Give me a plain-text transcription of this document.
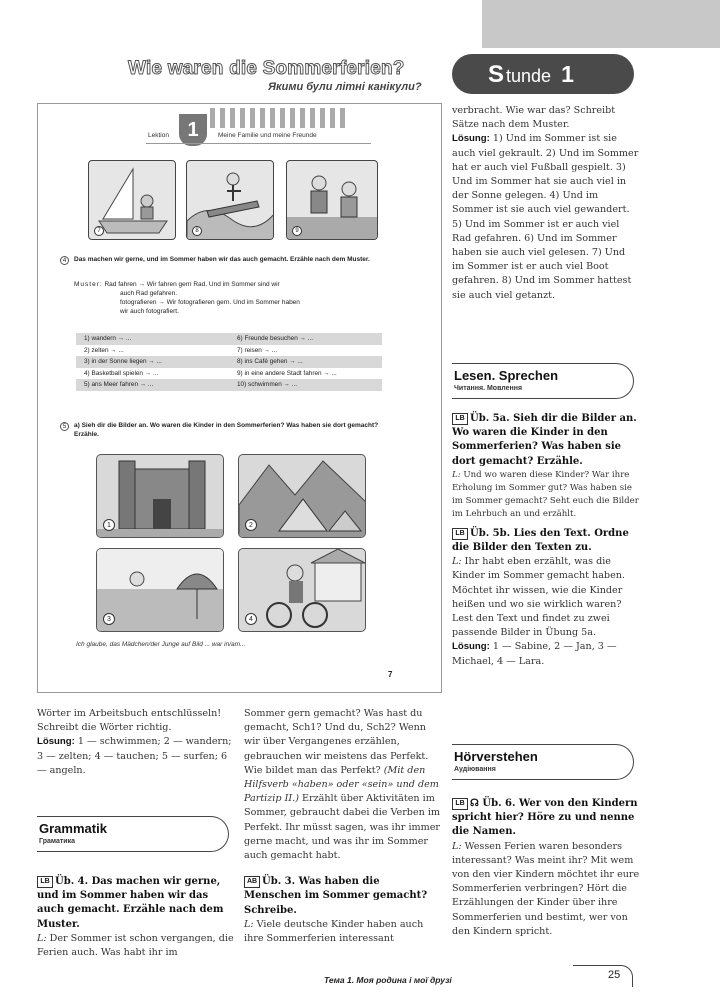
Wie waren die Sommerferien?
Якими були літні канікули?	S tunde 1
1
Lektion	Meine Familie und meine Freunde
7	8	9
4	Das machen wir gerne, und im Sommer haben wir das auch gemacht. Erzähle nach dem Muster.
Muster: Rad fahren → Wir fahren gern Rad. Und im Sommer sind wir
auch Rad gefahren.
fotografieren → Wir fotografieren gern. Und im Sommer haben
wir auch fotografiert.
1) wandern → ...	6) Freunde besuchen → ...
2) zelten → ...	7) reisen → ...
3) in der Sonne liegen → ...	8) ins Café gehen → ...
4) Basketball spielen → ...	9) in eine andere Stadt fahren → ...
5) ans Meer fahren → ...	10) schwimmen → ...
5	a) Sieh dir die Bilder an. Wo waren die Kinder in den Sommerferien? Was haben sie dort gemacht? Erzähle.
1	2
3	4
Ich glaube, das Mädchen/der Junge auf Bild ... war in/am...
7

verbracht. Wie war das? Schreibt Sätze nach dem Muster.

Lösung: 1) Und im Sommer ist sie auch viel gekrault. 2) Und im Sommer hat er auch viel Fußball gespielt. 3) Und im Sommer hat sie auch viel in der Sonne gelegen. 4) Und im Sommer ist sie auch viel gewandert. 5) Und im Sommer ist er auch viel Rad gefahren. 6) Und im Sommer haben sie auch viel gelesen. 7) Und im Sommer ist er auch viel Boot gefahren. 8) Und im Sommer hattest sie auch viel getanzt.

Lesen. Sprechen
Читання. Мовлення

LB Üb. 5a. Sieh dir die Bilder an. Wo waren die Kinder in den Sommerferien? Was haben sie dort gemacht? Erzähle.

L: Und wo waren diese Kinder? War ihre Erholung im Sommer gut? Was haben sie im Sommer gemacht? Seht euch die Bilder im Lehrbuch an und erzählt.

LB Üb. 5b. Lies den Text. Ordne die Bilder den Texten zu.

L: Ihr habt eben erzählt, was die Kinder im Sommer gemacht haben. Möchtet ihr wissen, wie die Kinder heißen und wo sie wirklich waren? Lest den Text und findet zu zwei passende Bilder in Übung 5a.

Lösung: 1 — Sabine, 2 — Jan, 3 — Michael, 4 — Lara.

Hörverstehen
Аудіювання

LB ☊ Üb. 6. Wer von den Kindern spricht hier? Höre zu und nenne die Namen.

L: Wessen Ferien waren besonders interessant? Was meint ihr? Mit wem von den vier Kindern möchtet ihr eure Sommerferien verbringen? Hört die Erzählungen der Kinder über ihre Sommerferien und bestimt, wer von den Kindern spricht.

Wörter im Arbeitsbuch entschlüsseln! Schreibt die Wörter richtig.

Lösung: 1 — schwimmen; 2 — wandern; 3 — zelten; 4 — tauchen; 5 — surfen; 6 — angeln.

Grammatik
Граматика

LB Üb. 4. Das machen wir gerne, und im Sommer haben wir das auch gemacht. Erzähle nach dem Muster.

L: Der Sommer ist schon vergangen, die Ferien auch. Was habt ihr im

Sommer gern gemacht? Was hast du gemacht, Sch1? Und du, Sch2? Wenn wir über Vergangenes erzählen, gebrauchen wir meistens das Perfekt. Wie bildet man das Perfekt? (Mit den Hilfsverb «haben» oder «sein» und dem Partizip II.) Erzählt über Aktivitäten im Sommer, gebraucht dabei die Verben im Perfekt. Ihr müsst sagen, was ihr immer gerne macht, und was ihr im Sommer auch gemacht habt.

AB Üb. 3. Was haben die Menschen im Sommer gemacht? Schreibe.

L: Viele deutsche Kinder haben auch ihre Sommerferien interessant

Тема 1. Моя родина і мої друзі	25
